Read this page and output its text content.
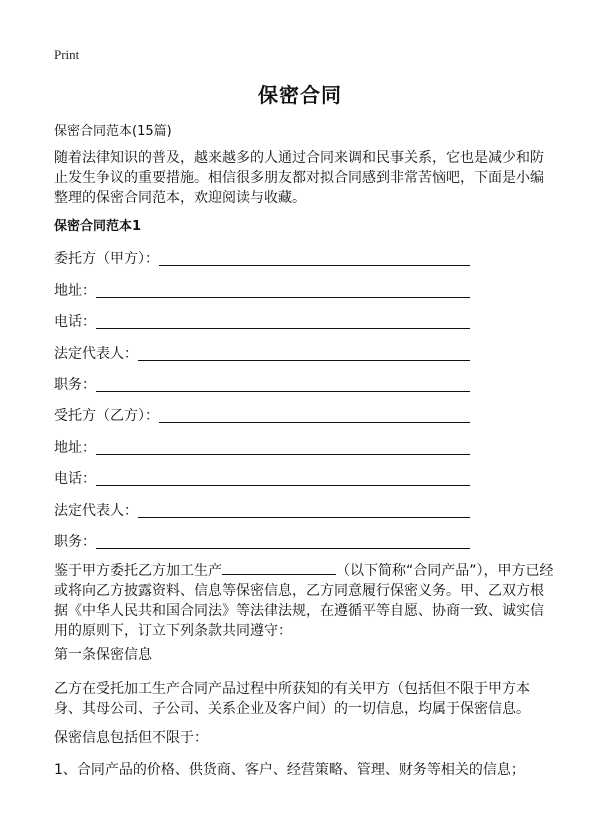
Print
保密合同
保密合同范本(15篇)
随着法律知识的普及，越来越多的人通过合同来调和民事关系，它也是减少和防止发生争议的重要措施。相信很多朋友都对拟合同感到非常苦恼吧，下面是小编整理的保密合同范本，欢迎阅读与收藏。
保密合同范本1
委托方（甲方）：
地址：
电话：
法定代表人：
职务：
受托方（乙方）：
地址：
电话：
法定代表人：
职务：
鉴于甲方委托乙方加工生产	（以下简称“合同产品”），甲方已经或将向乙方披露资料、信息等保密信息，乙方同意履行保密义务。甲、乙双方根据《中华人民共和国合同法》等法律法规，在遵循平等自愿、协商一致、诚实信用的原则下，订立下列条款共同遵守：
第一条保密信息
乙方在受托加工生产合同产品过程中所获知的有关甲方（包括但不限于甲方本身、其母公司、子公司、关系企业及客户间）的一切信息，均属于保密信息。
保密信息包括但不限于：
1、合同产品的价格、供货商、客户、经营策略、管理、财务等相关的信息；
